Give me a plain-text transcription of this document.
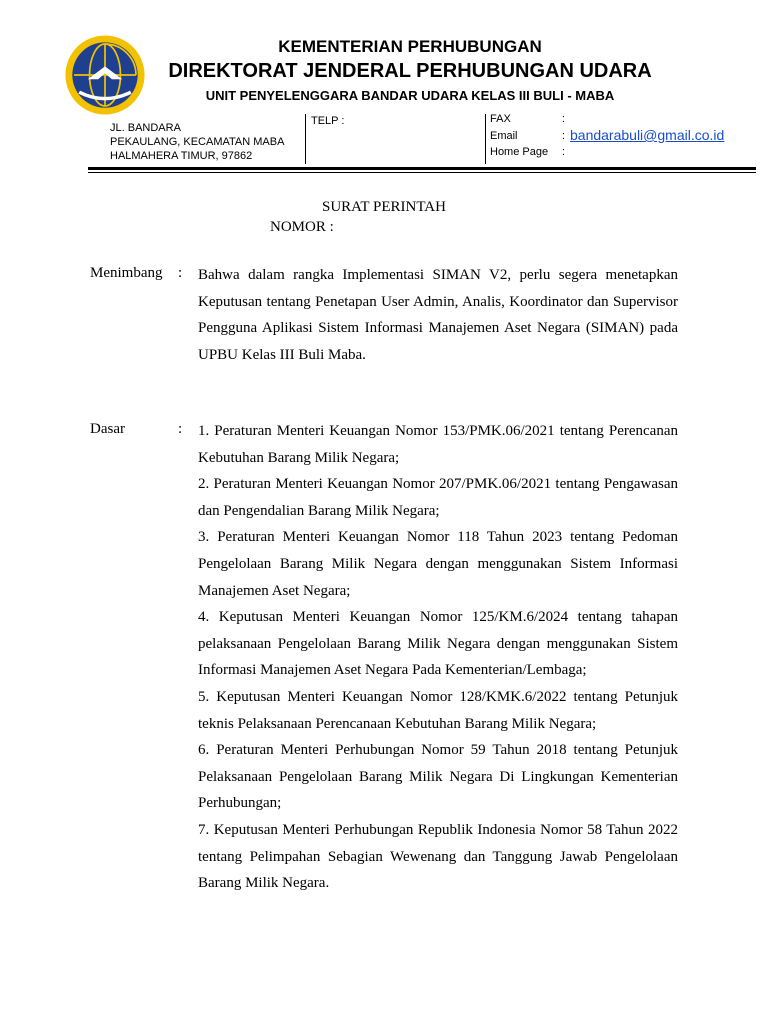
KEMENTERIAN PERHUBUNGAN
DIREKTORAT JENDERAL PERHUBUNGAN UDARA
UNIT PENYELENGGARA BANDAR UDARA KELAS III BULI - MABA
JL. BANDARA
PEKAULANG, KECAMATAN MABA
HALMAHERA TIMUR, 97862
TELP :	FAX	:
Email	: bandarabuli@gmail.co.id
Home Page :
SURAT PERINTAH
NOMOR :
Menimbang : Bahwa dalam rangka Implementasi SIMAN V2, perlu segera menetapkan Keputusan tentang Penetapan User Admin, Analis, Koordinator dan Supervisor Pengguna Aplikasi Sistem Informasi Manajemen Aset Negara (SIMAN) pada UPBU Kelas III Buli Maba.

Dasar	: 1. Peraturan Menteri Keuangan Nomor 153/PMK.06/2021 tentang Perencanan Kebutuhan Barang Milik Negara;

2. Peraturan Menteri Keuangan Nomor 207/PMK.06/2021 tentang Pengawasan dan Pengendalian Barang Milik Negara;

3. Peraturan Menteri Keuangan Nomor 118 Tahun 2023 tentang Pedoman Pengelolaan Barang Milik Negara dengan menggunakan Sistem Informasi Manajemen Aset Negara;

4. Keputusan Menteri Keuangan Nomor 125/KM.6/2024 tentang tahapan pelaksanaan Pengelolaan Barang Milik Negara dengan menggunakan Sistem Informasi Manajemen Aset Negara Pada Kementerian/Lembaga;

5. Keputusan Menteri Keuangan Nomor 128/KMK.6/2022 tentang Petunjuk teknis Pelaksanaan Perencanaan Kebutuhan Barang Milik Negara;

6. Peraturan Menteri Perhubungan Nomor 59 Tahun 2018 tentang Petunjuk Pelaksanaan Pengelolaan Barang Milik Negara Di Lingkungan Kementerian Perhubungan;

7. Keputusan Menteri Perhubungan Republik Indonesia Nomor 58 Tahun 2022 tentang Pelimpahan Sebagian Wewenang dan Tanggung Jawab Pengelolaan Barang Milik Negara.
